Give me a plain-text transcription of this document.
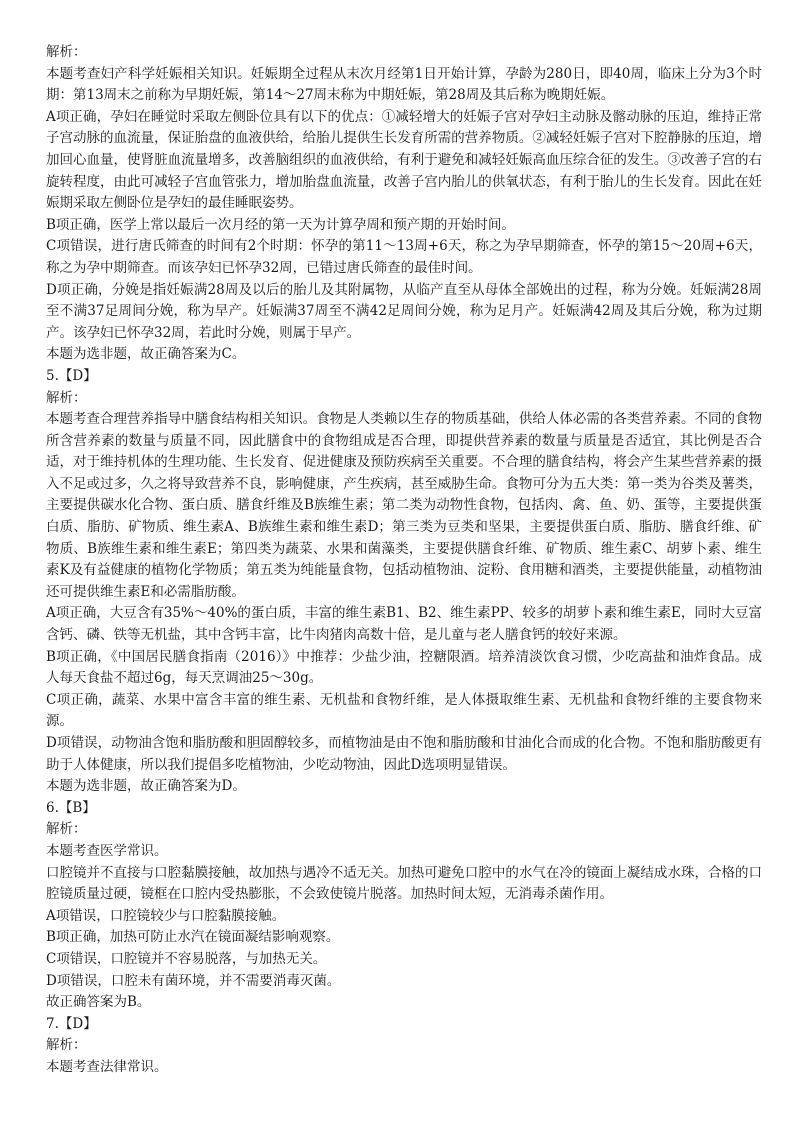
解析：

本题考查妇产科学妊娠相关知识。妊娠期全过程从末次月经第1日开始计算，孕龄为280日，即40周，临床上分为3个时期：第13周末之前称为早期妊娠，第14～27周末称为中期妊娠，第28周及其后称为晚期妊娠。

A项正确，孕妇在睡觉时采取左侧卧位具有以下的优点：①减轻增大的妊娠子宫对孕妇主动脉及髂动脉的压迫，维持正常子宫动脉的血流量，保证胎盘的血液供给，给胎儿提供生长发育所需的营养物质。②减轻妊娠子宫对下腔静脉的压迫，增加回心血量，使肾脏血流量增多，改善脑组织的血液供给，有利于避免和减轻妊娠高血压综合征的发生。③改善子宫的右旋转程度，由此可减轻子宫血管张力，增加胎盘血流量，改善子宫内胎儿的供氧状态，有利于胎儿的生长发育。因此在妊娠期采取左侧卧位是孕妇的最佳睡眠姿势。

B项正确，医学上常以最后一次月经的第一天为计算孕周和预产期的开始时间。

C项错误，进行唐氏筛查的时间有2个时期：怀孕的第11～13周+6天，称之为孕早期筛查，怀孕的第15～20周+6天，称之为孕中期筛查。而该孕妇已怀孕32周，已错过唐氏筛查的最佳时间。

D项正确，分娩是指妊娠满28周及以后的胎儿及其附属物，从临产直至从母体全部娩出的过程，称为分娩。妊娠满28周至不满37足周间分娩，称为早产。妊娠满37周至不满42足周间分娩，称为足月产。妊娠满42周及其后分娩，称为过期产。该孕妇已怀孕32周，若此时分娩，则属于早产。

本题为选非题，故正确答案为C。

5.【D】

解析：

本题考查合理营养指导中膳食结构相关知识。食物是人类赖以生存的物质基础，供给人体必需的各类营养素。不同的食物所含营养素的数量与质量不同，因此膳食中的食物组成是否合理，即提供营养素的数量与质量是否适宜，其比例是否合适，对于维持机体的生理功能、生长发育、促进健康及预防疾病至关重要。不合理的膳食结构，将会产生某些营养素的摄入不足或过多，久之将导致营养不良，影响健康，产生疾病，甚至威胁生命。食物可分为五大类：第一类为谷类及薯类，主要提供碳水化合物、蛋白质、膳食纤维及B族维生素；第二类为动物性食物，包括肉、禽、鱼、奶、蛋等，主要提供蛋白质、脂肪、矿物质、维生素A、B族维生素和维生素D；第三类为豆类和坚果，主要提供蛋白质、脂肪、膳食纤维、矿物质、B族维生素和维生素E；第四类为蔬菜、水果和菌藻类，主要提供膳食纤维、矿物质、维生素C、胡萝卜素、维生素K及有益健康的植物化学物质；第五类为纯能量食物，包括动植物油、淀粉、食用糖和酒类，主要提供能量，动植物油还可提供维生素E和必需脂肪酸。

A项正确，大豆含有35%～40%的蛋白质，丰富的维生素B1、B2、维生素PP、较多的胡萝卜素和维生素E，同时大豆富含钙、磷、铁等无机盐，其中含钙丰富，比牛肉猪肉高数十倍，是儿童与老人膳食钙的较好来源。

B项正确，《中国居民膳食指南（2016）》中推荐：少盐少油，控糖限酒。培养清淡饮食习惯，少吃高盐和油炸食品。成人每天食盐不超过6g，每天烹调油25～30g。

C项正确，蔬菜、水果中富含丰富的维生素、无机盐和食物纤维，是人体摄取维生素、无机盐和食物纤维的主要食物来源。

D项错误，动物油含饱和脂肪酸和胆固醇较多，而植物油是由不饱和脂肪酸和甘油化合而成的化合物。不饱和脂肪酸更有助于人体健康，所以我们提倡多吃植物油，少吃动物油，因此D选项明显错误。

本题为选非题，故正确答案为D。

6.【B】

解析：

本题考查医学常识。

口腔镜并不直接与口腔黏膜接触，故加热与遇冷不适无关。加热可避免口腔中的水气在冷的镜面上凝结成水珠，合格的口腔镜质量过硬，镜框在口腔内受热膨胀，不会致使镜片脱落。加热时间太短，无消毒杀菌作用。

A项错误，口腔镜较少与口腔黏膜接触。

B项正确，加热可防止水汽在镜面凝结影响观察。

C项错误，口腔镜并不容易脱落，与加热无关。

D项错误，口腔未有菌环境，并不需要消毒灭菌。

故正确答案为B。

7.【D】

解析：

本题考查法律常识。
